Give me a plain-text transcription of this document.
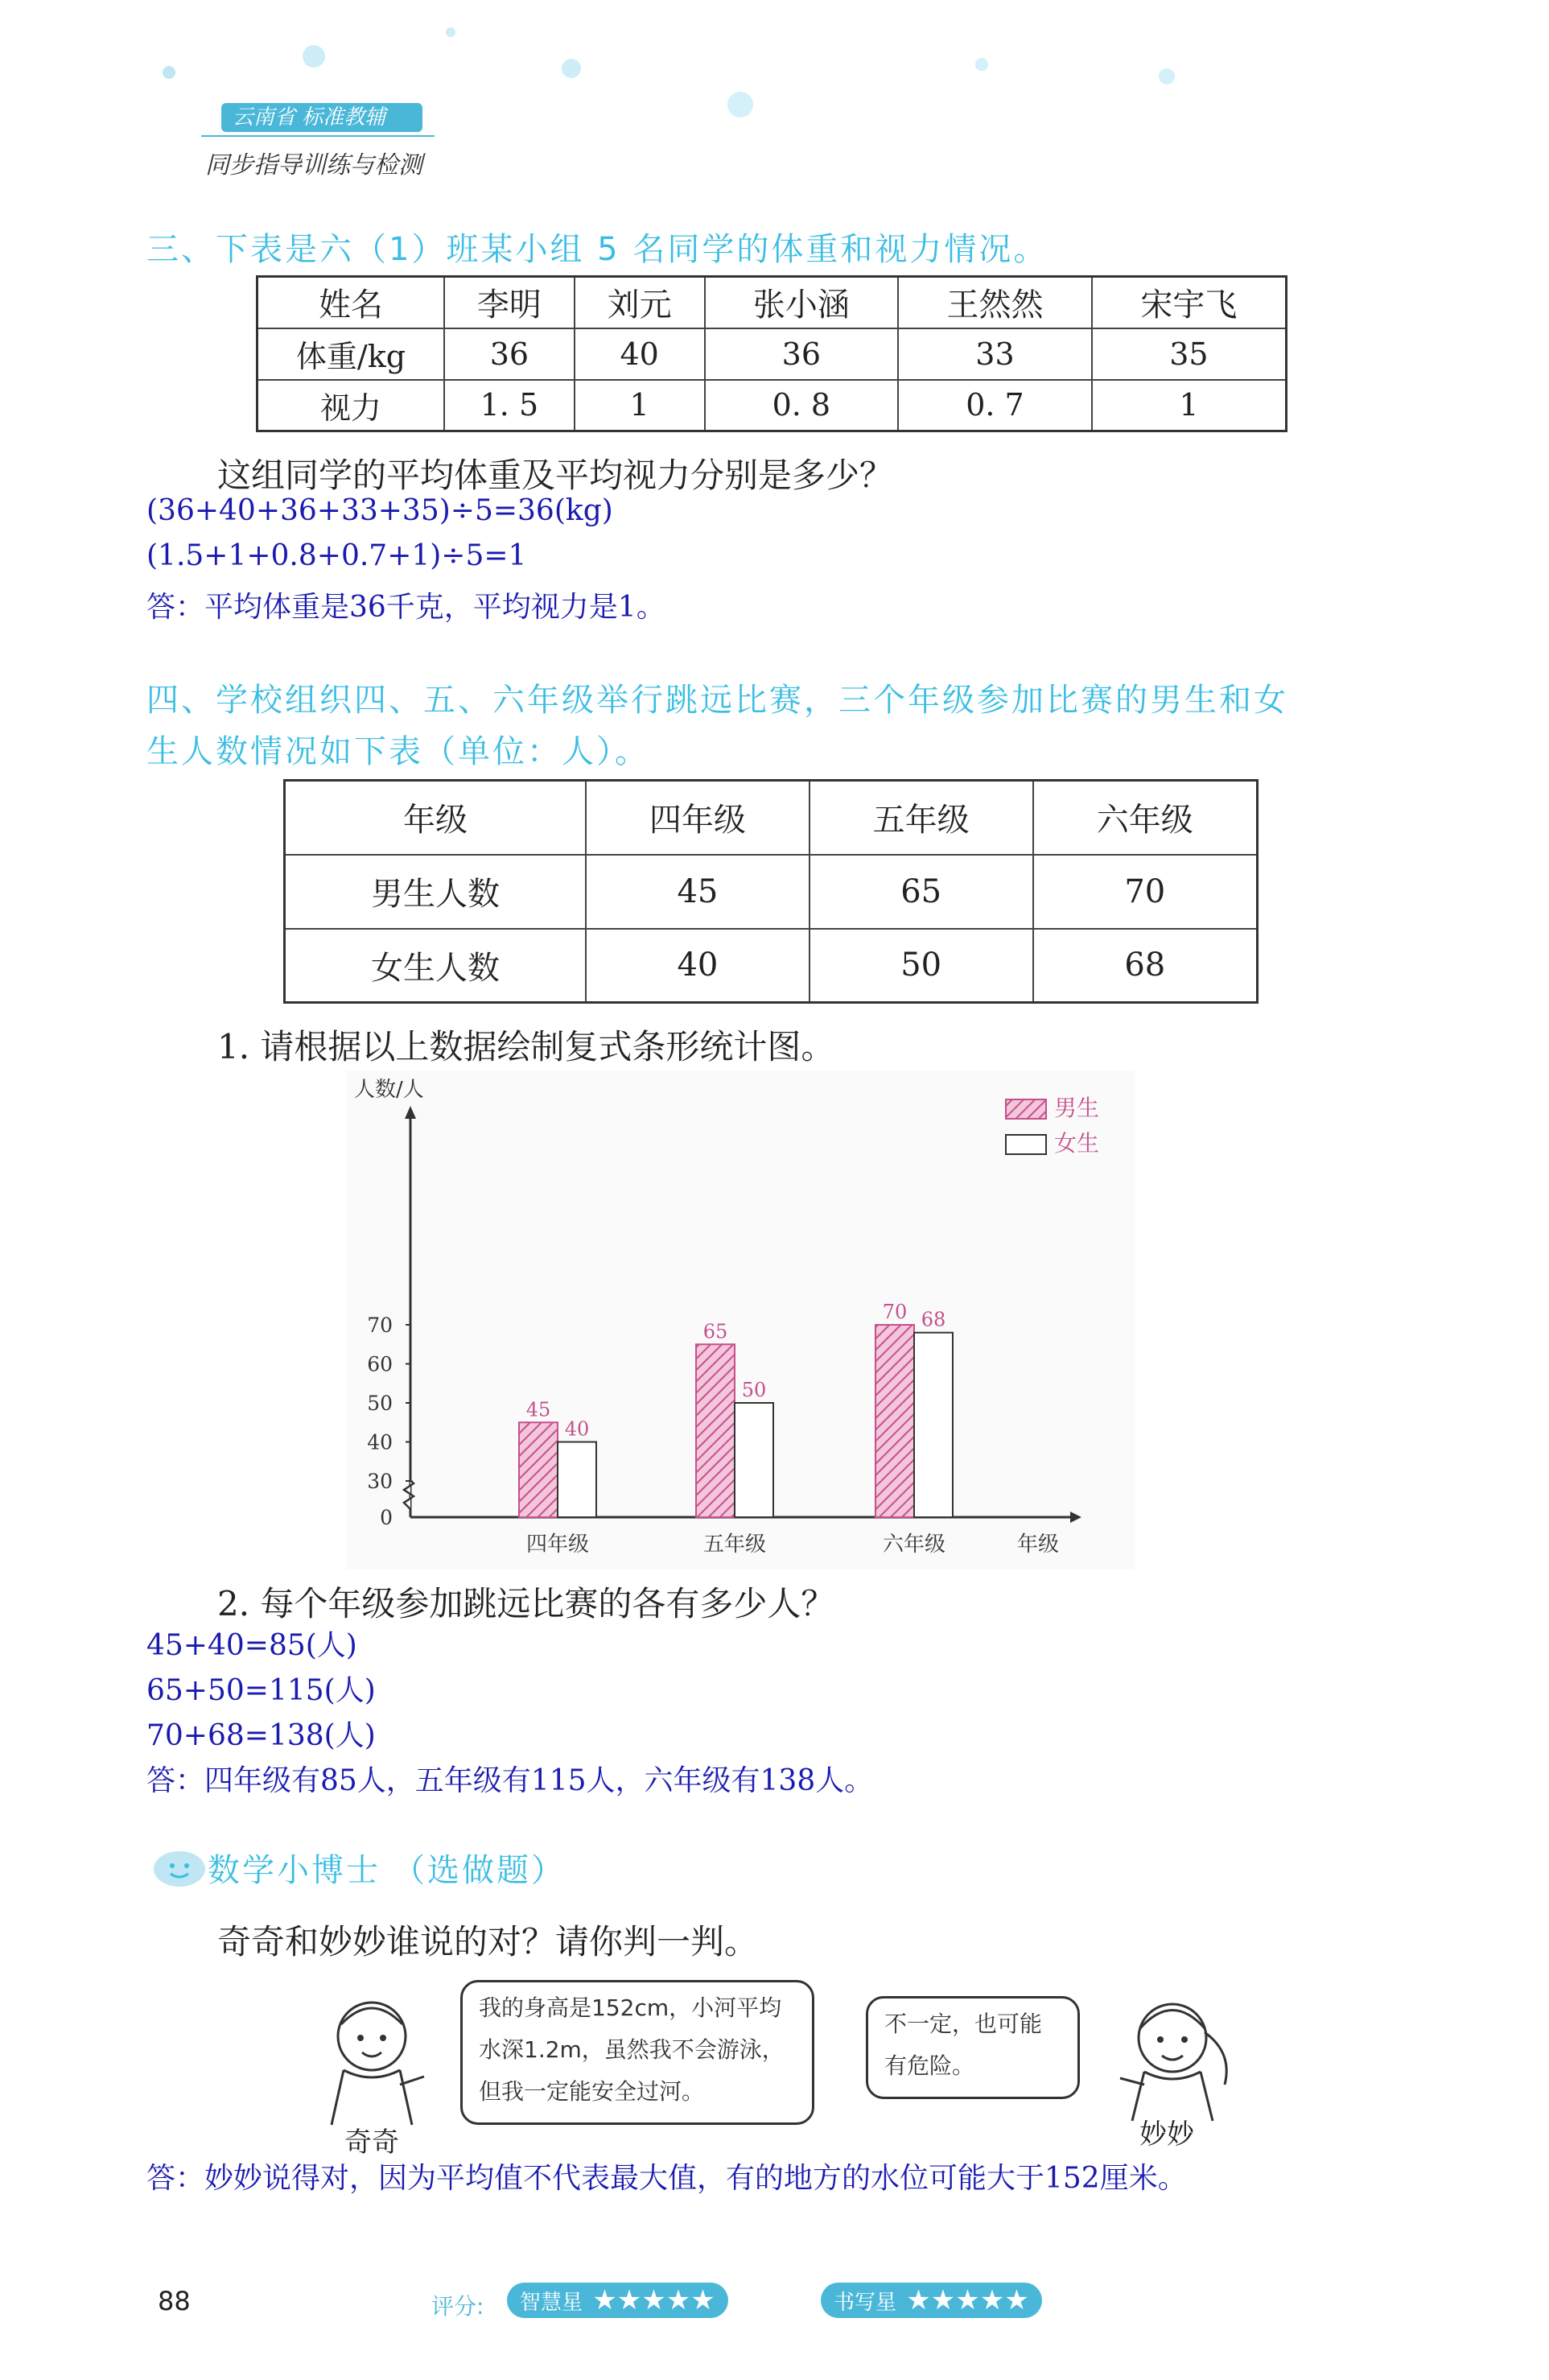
云南省 标准教辅
同步指导训练与检测
三、下表是六（1）班某小组 5 名同学的体重和视力情况。
姓名	李明	刘元	张小涵	王然然	宋宇飞
体重/kg	36	40	36	33	35
视力	1. 5	1	0. 8	0. 7	1
这组同学的平均体重及平均视力分别是多少？
(36+40+36+33+35)÷5=36(kg)
(1.5+1+0.8+0.7+1)÷5=1
答：平均体重是36千克，平均视力是1。
四、学校组织四、五、六年级举行跳远比赛，三个年级参加比赛的男生和女
生人数情况如下表（单位：人）。
年级	四年级	五年级	六年级
男生人数	45	65	70
女生人数	40	50	68
1. 请根据以上数据绘制复式条形统计图。
人数/人
0
30
40
50
60
70
45
40
四年级
65
50
五年级
70 68
六年级	年级
男生
女生
2. 每个年级参加跳远比赛的各有多少人？
45+40=85(人)
65+50=115(人)
70+68=138(人)
答：四年级有85人，五年级有115人，六年级有138人。
数学小博士 （选做题）
奇奇和妙妙谁说的对？请你判一判。
奇奇
我的身高是152cm，小河平均
水深1.2m，虽然我不会游泳，
但我一定能安全过河。
不一定，也可能
有危险。
妙妙
答：妙妙说得对，因为平均值不代表最大值，有的地方的水位可能大于152厘米。
88	评分:	智慧星 ★★★★★	书写星 ★★★★★
